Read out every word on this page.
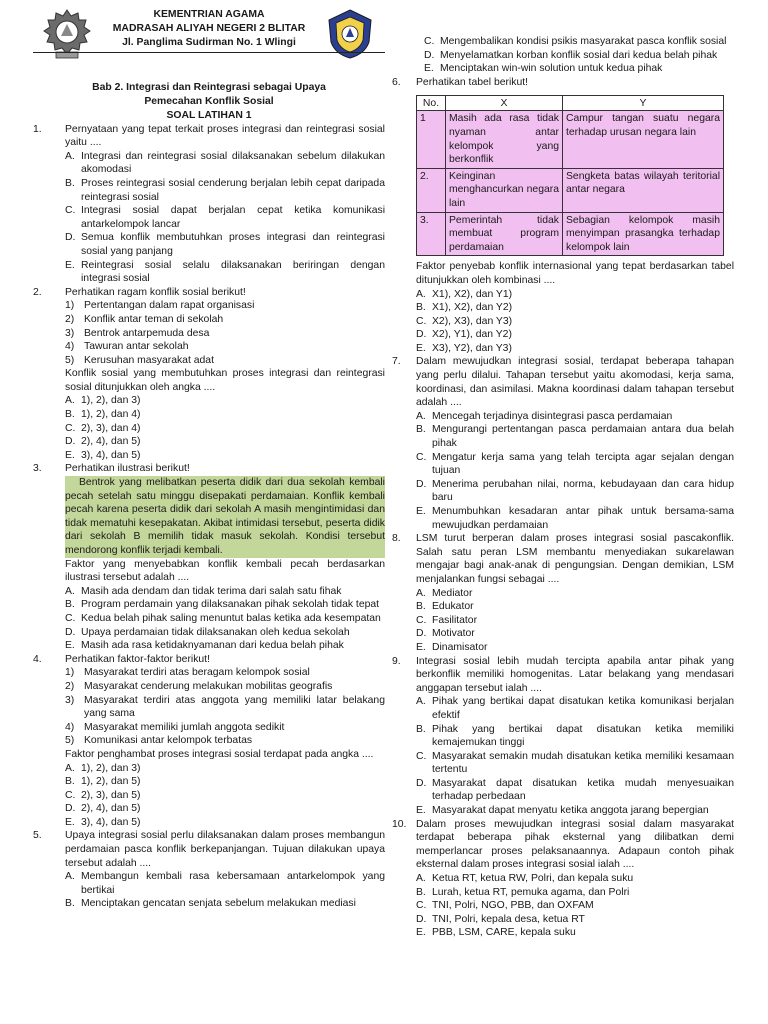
KEMENTRIAN AGAMA
MADRASAH ALIYAH NEGERI 2 BLITAR
Jl. Panglima Sudirman No. 1 Wlingi
Bab 2. Integrasi dan Reintegrasi sebagai Upaya
Pemecahan Konflik Sosial
SOAL LATIHAN 1
1. Pernyataan yang tepat terkait proses integrasi dan reintegrasi sosial yaitu ....
A. Integrasi dan reintegrasi sosial dilaksanakan sebelum dilakukan akomodasi
B. Proses reintegrasi sosial cenderung berjalan lebih cepat daripada reintegrasi sosial
C. Integrasi sosial dapat berjalan cepat ketika komunikasi antarkelompok lancar
D. Semua konflik membutuhkan proses integrasi dan reintegrasi sosial yang panjang
E. Reintegrasi sosial selalu dilaksanakan beriringan dengan integrasi sosial
2. Perhatikan ragam konflik sosial berikut!
1) Pertentangan dalam rapat organisasi
2) Konflik antar teman di sekolah
3) Bentrok antarpemuda desa
4) Tawuran antar sekolah
5) Kerusuhan masyarakat adat
Konflik sosial yang membutuhkan proses integrasi dan reintegrasi sosial ditunjukkan oleh angka ....
A. 1), 2), dan 3)
B. 1), 2), dan 4)
C. 2), 3), dan 4)
D. 2), 4), dan 5)
E. 3), 4), dan 5)
3. Perhatikan ilustrasi berikut!
Bentrok yang melibatkan peserta didik dari dua sekolah kembali pecah setelah satu minggu disepakati perdamaian. Konflik kembali pecah karena peserta didik dari sekolah A masih mengintimidasi dan tidak mematuhi kesepakatan. Akibat intimidasi tersebut, peserta didik dari sekolah B memilih tidak masuk sekolah. Kondisi tersebut mendorong konflik terjadi kembali.
Faktor yang menyebabkan konflik kembali pecah berdasarkan ilustrasi tersebut adalah ....
A. Masih ada dendam dan tidak terima dari salah satu fihak
B. Program perdamain yang dilaksanakan pihak sekolah tidak tepat
C. Kedua belah pihak saling menuntut balas ketika ada kesempatan
D. Upaya perdamaian tidak dilaksanakan oleh kedua sekolah
E. Masih ada rasa ketidaknyamanan dari kedua belah pihak
4. Perhatikan faktor-faktor berikut!
1) Masyarakat terdiri atas beragam kelompok sosial
2) Masyarakat cenderung melakukan mobilitas geografis
3) Masyarakat terdiri atas anggota yang memiliki latar belakang yang sama
4) Masyarakat memiliki jumlah anggota sedikit
5) Komunikasi antar kelompok terbatas
Faktor penghambat proses integrasi sosial terdapat pada angka ....
A. 1), 2), dan 3)
B. 1), 2), dan 5)
C. 2), 3), dan 5)
D. 2), 4), dan 5)
E. 3), 4), dan 5)
5. Upaya integrasi sosial perlu dilaksanakan dalam proses membangun perdamaian pasca konflik berkepanjangan. Tujuan dilakukan upaya tersebut adalah ....
A. Membangun kembali rasa kebersamaan antarkelompok yang bertikai
B. Menciptakan gencatan senjata sebelum melakukan mediasi
C. Mengembalikan kondisi psikis masyarakat pasca konflik sosial
D. Menyelamatkan korban konflik sosial dari kedua belah pihak
E. Menciptakan win-win solution untuk kedua pihak
6. Perhatikan tabel berikut!
No.	X	Y
1	Masih ada rasa tidak nyaman antar kelompok yang berkonflik	Campur tangan suatu negara terhadap urusan negara lain
2.	Keinginan menghancurkan negara lain	Sengketa batas wilayah teritorial antar negara
3.	Pemerintah tidak membuat program perdamaian	Sebagian kelompok masih menyimpan prasangka terhadap kelompok lain
Faktor penyebab konflik internasional yang tepat berdasarkan tabel ditunjukkan oleh kombinasi ....
A. X1), X2), dan Y1)
B. X1), X2), dan Y2)
C. X2), X3), dan Y3)
D. X2), Y1), dan Y2)
E. X3), Y2), dan Y3)
7. Dalam mewujudkan integrasi sosial, terdapat beberapa tahapan yang perlu dilalui. Tahapan tersebut yaitu akomodasi, kerja sama, koordinasi, dan asimilasi. Makna koordinasi dalam tahapan tersebut adalah ....
A. Mencegah terjadinya disintegrasi pasca perdamaian
B. Mengurangi pertentangan pasca perdamaian antara dua belah pihak
C. Mengatur kerja sama yang telah tercipta agar sejalan dengan tujuan
D. Menerima perubahan nilai, norma, kebudayaan dan cara hidup baru
E. Menumbuhkan kesadaran antar pihak untuk bersama-sama mewujudkan perdamaian
8. LSM turut berperan dalam proses integrasi sosial pascakonflik. Salah satu peran LSM membantu menyediakan sukarelawan mengajar bagi anak-anak di pengungsian. Dengan demikian, LSM menjalankan fungsi sebagai ....
A. Mediator
B. Edukator
C. Fasilitator
D. Motivator
E. Dinamisator
9. Integrasi sosial lebih mudah tercipta apabila antar pihak yang berkonflik memiliki homogenitas. Latar belakang yang mendasari anggapan tersebut ialah ....
A. Pihak yang bertikai dapat disatukan ketika komunikasi berjalan efektif
B. Pihak yang bertikai dapat disatukan ketika memiliki kemajemukan tinggi
C. Masyarakat semakin mudah disatukan ketika memiliki kesamaan tertentu
D. Masyarakat dapat disatukan ketika mudah menyesuaikan terhadap perbedaan
E. Masyarakat dapat menyatu ketika anggota jarang bepergian
10. Dalam proses mewujudkan integrasi sosial dalam masyarakat terdapat beberapa pihak eksternal yang dilibatkan demi memperlancar proses pelaksanaannya. Adapaun contoh pihak eksternal dalam proses integrasi sosial ialah ....
A. Ketua RT, ketua RW, Polri, dan kepala suku
B. Lurah, ketua RT, pemuka agama, dan Polri
C. TNI, Polri, NGO, PBB, dan OXFAM
D. TNI, Polri, kepala desa, ketua RT
E. PBB, LSM, CARE, kepala suku
